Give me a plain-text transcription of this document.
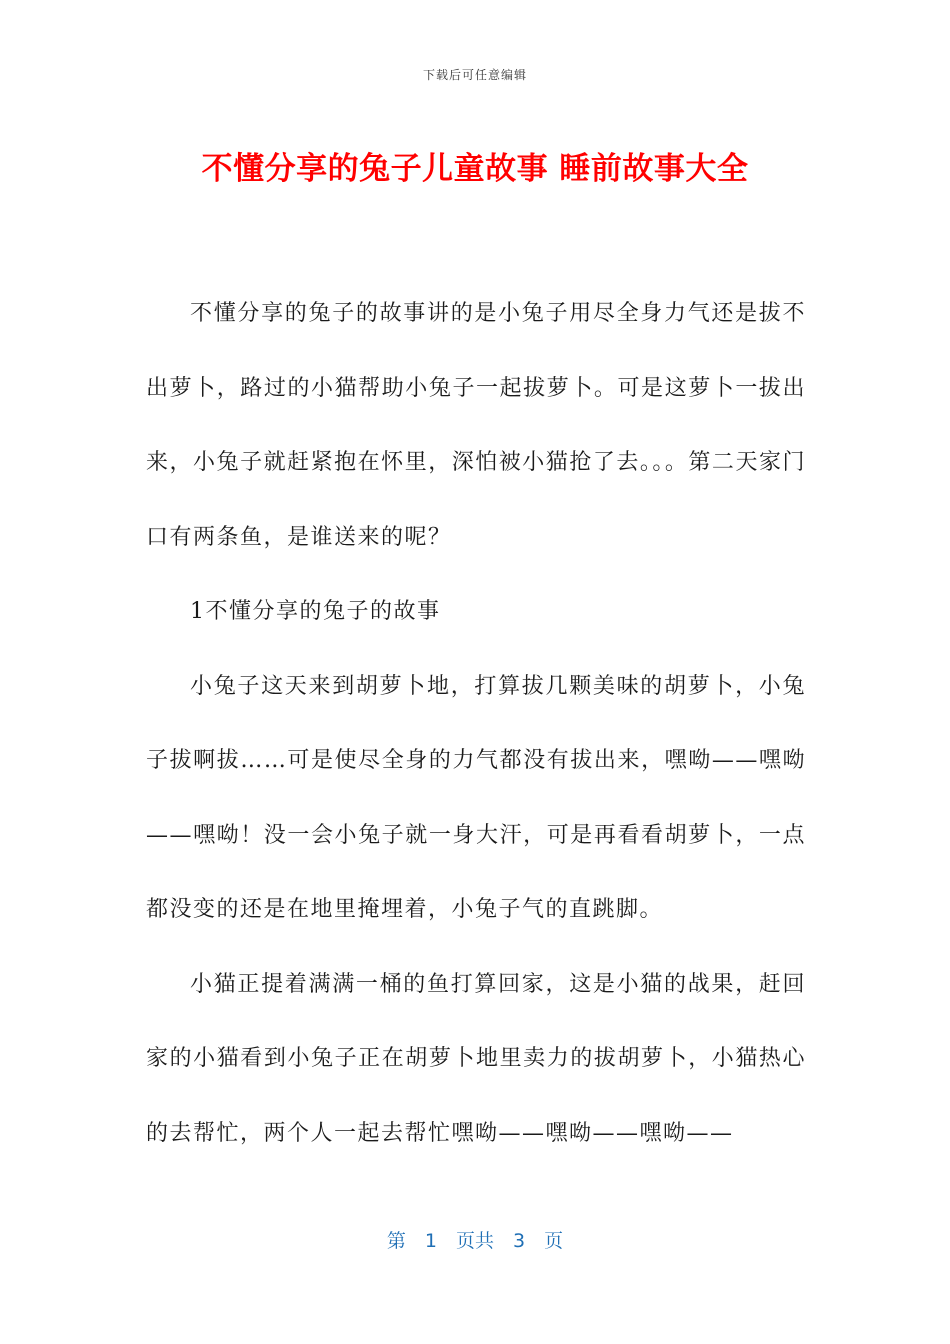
下载后可任意编辑
不懂分享的兔子儿童故事 睡前故事大全

不懂分享的兔子的故事讲的是小兔子用尽全身力气还是拔不出萝卜，路过的小猫帮助小兔子一起拔萝卜。可是这萝卜一拔出来，小兔子就赶紧抱在怀里，深怕被小猫抢了去。。。第二天家门口有两条鱼，是谁送来的呢？

1不懂分享的兔子的故事

小兔子这天来到胡萝卜地，打算拔几颗美味的胡萝卜，小兔子拔啊拔……可是使尽全身的力气都没有拔出来，嘿呦——嘿呦——嘿呦！没一会小兔子就一身大汗，可是再看看胡萝卜，一点都没变的还是在地里掩埋着，小兔子气的直跳脚。

小猫正提着满满一桶的鱼打算回家，这是小猫的战果，赶回家的小猫看到小兔子正在胡萝卜地里卖力的拔胡萝卜，小猫热心的去帮忙，两个人一起去帮忙嘿呦——嘿呦——嘿呦——

第　1　页共　3　页
